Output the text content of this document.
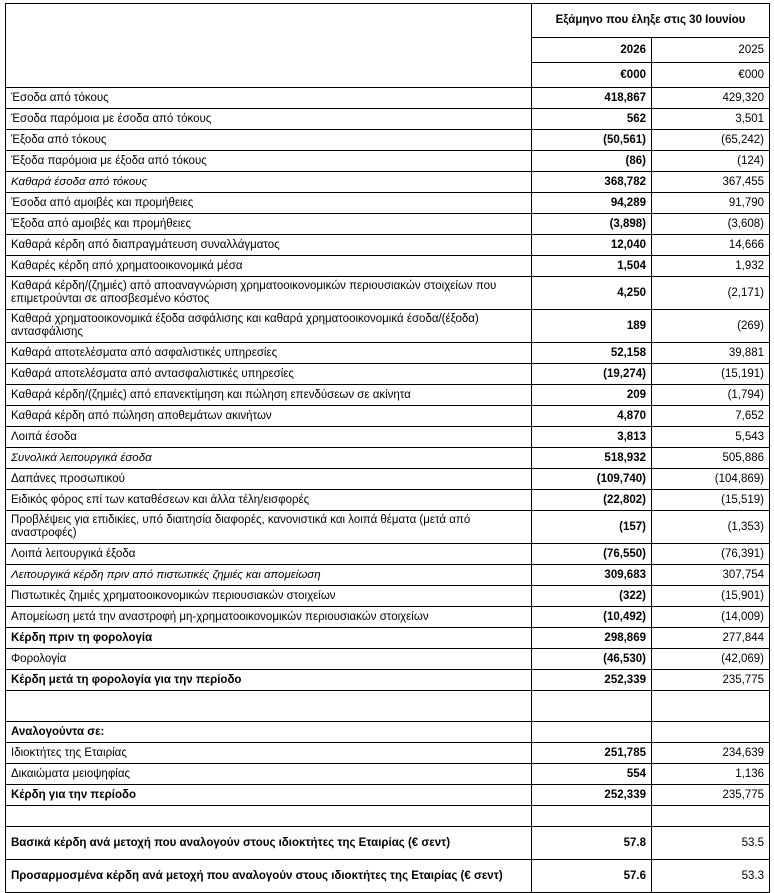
	Εξάμηνο που έληξε στις 30 Ιουνίου	
	2026	2025
	€000	€000
Έσοδα από τόκους	418,867	429,320
Έσοδα παρόμοια με έσοδα από τόκους	562	3,501
Έξοδα από τόκους	(50,561)	(65,242)
Έξοδα παρόμοια με έξοδα από τόκους	(86)	(124)
Καθαρά έσοδα από τόκους	368,782	367,455
Έσοδα από αμοιβές και προμήθειες	94,289	91,790
Έξοδα από αμοιβές και προμήθειες	(3,898)	(3,608)
Καθαρά κέρδη από διαπραγμάτευση συναλλάγματος	12,040	14,666
Καθαρές κέρδη από χρηματοοικονομικά μέσα	1,504	1,932
Καθαρά κέρδη/(ζημιές) από αποαναγνώριση χρηματοοικονομικών περιουσιακών στοιχείων που επιμετρούνται σε αποσβεσμένο κόστος	4,250	(2,171)
Καθαρά χρηματοοικονομικά έξοδα ασφάλισης και καθαρά χρηματοοικονομικά έσοδα/(έξοδα) αντασφάλισης	189	(269)
Καθαρά αποτελέσματα από ασφαλιστικές υπηρεσίες	52,158	39,881
Καθαρά αποτελέσματα από αντασφαλιστικές υπηρεσίες	(19,274)	(15,191)
Καθαρά κέρδη/(ζημιές) από επανεκτίμηση και πώληση επενδύσεων σε ακίνητα	209	(1,794)
Καθαρά κέρδη από πώληση αποθεμάτων ακινήτων	4,870	7,652
Λοιπά έσοδα	3,813	5,543
Συνολικά λειτουργικά έσοδα	518,932	505,886
Δαπάνες προσωπικού	(109,740)	(104,869)
Ειδικός φόρος επί των καταθέσεων και άλλα τέλη/εισφορές	(22,802)	(15,519)
Προβλέψεις για επιδικίες, υπό διαιτησία διαφορές, κανονιστικά και λοιπά θέματα (μετά από αναστροφές)	(157)	(1,353)
Λοιπά λειτουργικά έξοδα	(76,550)	(76,391)
Λειτουργικά κέρδη πριν από πιστωτικές ζημιές και απομείωση	309,683	307,754
Πιστωτικές ζημιές χρηματοοικονομικών περιουσιακών στοιχείων	(322)	(15,901)
Απομείωση μετά την αναστροφή μη-χρηματοοικονομικών περιουσιακών στοιχείων	(10,492)	(14,009)
Κέρδη πριν τη φορολογία	298,869	277,844
Φορολογία	(46,530)	(42,069)
Κέρδη μετά τη φορολογία για την περίοδο	252,339	235,775

Αναλογούντα σε:		
Ιδιοκτήτες της Εταιρίας	251,785	234,639
Δικαιώματα μειοψηφίας	554	1,136
Κέρδη για την περίοδο	252,339	235,775

Βασικά κέρδη ανά μετοχή που αναλογούν στους ιδιοκτήτες της Εταιρίας (€ σεντ)	57.8	53.5
Προσαρμοσμένα κέρδη ανά μετοχή που αναλογούν στους ιδιοκτήτες της Εταιρίας (€ σεντ)	57.6	53.3
